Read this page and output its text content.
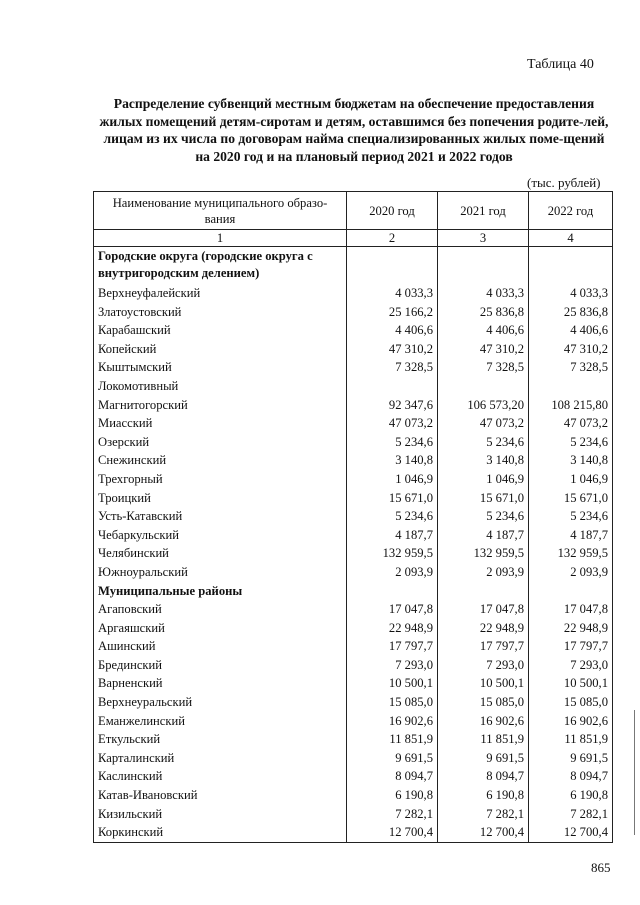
Таблица 40
Распределение субвенций местным бюджетам на обеспечение предоставления жилых помещений детям-сиротам и детям, оставшимся без попечения родите-лей, лицам из их числа по договорам найма специализированных жилых поме-щений на 2020 год и на плановый период 2021 и 2022 годов
(тыс. рублей)
Наименование муниципального образо-вания	2020 год	2021 год	2022 год
1	2	3	4
Городские округа (городские округа с внутригородским делением)			
Верхнеуфалейский	4 033,3	4 033,3	4 033,3
Златоустовский	25 166,2	25 836,8	25 836,8
Карабашский	4 406,6	4 406,6	4 406,6
Копейский	47 310,2	47 310,2	47 310,2
Кыштымский	7 328,5	7 328,5	7 328,5
Локомотивный			
Магнитогорский	92 347,6	106 573,20	108 215,80
Миасский	47 073,2	47 073,2	47 073,2
Озерский	5 234,6	5 234,6	5 234,6
Снежинский	3 140,8	3 140,8	3 140,8
Трехгорный	1 046,9	1 046,9	1 046,9
Троицкий	15 671,0	15 671,0	15 671,0
Усть-Катавский	5 234,6	5 234,6	5 234,6
Чебаркульский	4 187,7	4 187,7	4 187,7
Челябинский	132 959,5	132 959,5	132 959,5
Южноуральский	2 093,9	2 093,9	2 093,9
Муниципальные районы			
Агаповский	17 047,8	17 047,8	17 047,8
Аргаяшский	22 948,9	22 948,9	22 948,9
Ашинский	17 797,7	17 797,7	17 797,7
Брединский	7 293,0	7 293,0	7 293,0
Варненский	10 500,1	10 500,1	10 500,1
Верхнеуральский	15 085,0	15 085,0	15 085,0
Еманжелинский	16 902,6	16 902,6	16 902,6
Еткульский	11 851,9	11 851,9	11 851,9
Карталинский	9 691,5	9 691,5	9 691,5
Каслинский	8 094,7	8 094,7	8 094,7
Катав-Ивановский	6 190,8	6 190,8	6 190,8
Кизильский	7 282,1	7 282,1	7 282,1
Коркинский	12 700,4	12 700,4	12 700,4
865
